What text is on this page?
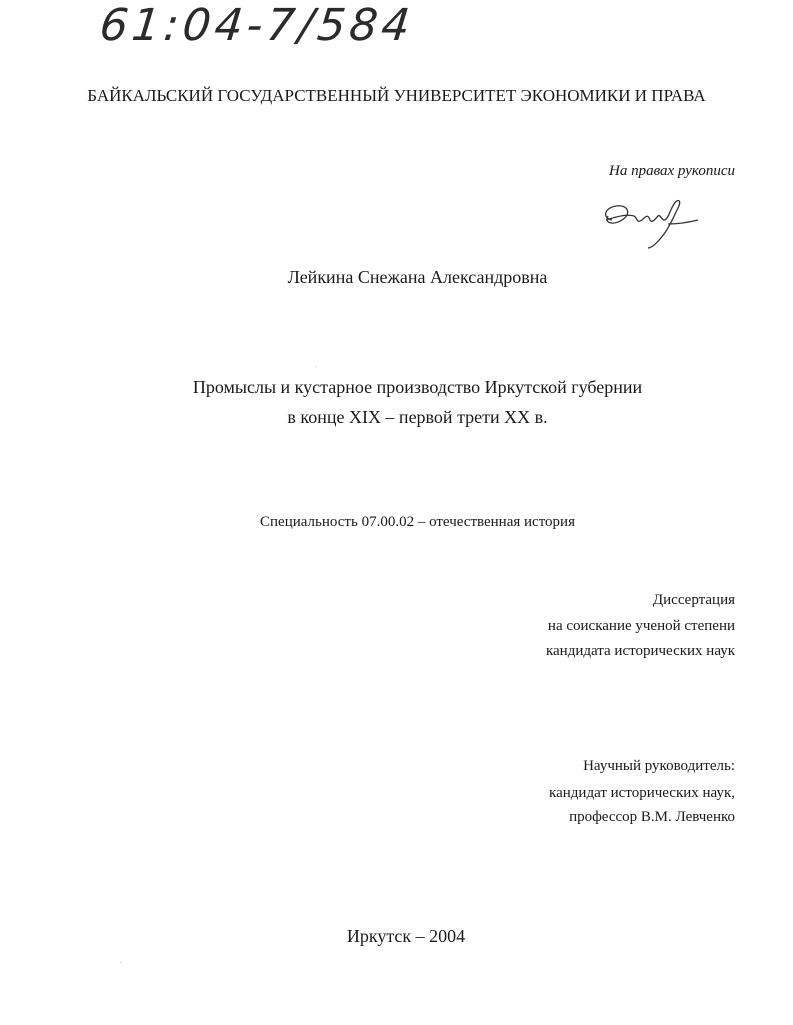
61:04-7/584
БАЙКАЛЬСКИЙ ГОСУДАРСТВЕННЫЙ УНИВЕРСИТЕТ ЭКОНОМИКИ И ПРАВА
На правах рукописи
Лейкина Снежана Александровна
Промыслы и кустарное производство Иркутской губернии
в конце XIX – первой трети XX в.
Специальность 07.00.02 – отечественная история
Диссертация
на соискание ученой степени
кандидата исторических наук
Научный руководитель:
кандидат исторических наук,
профессор В.М. Левченко
Иркутск – 2004
